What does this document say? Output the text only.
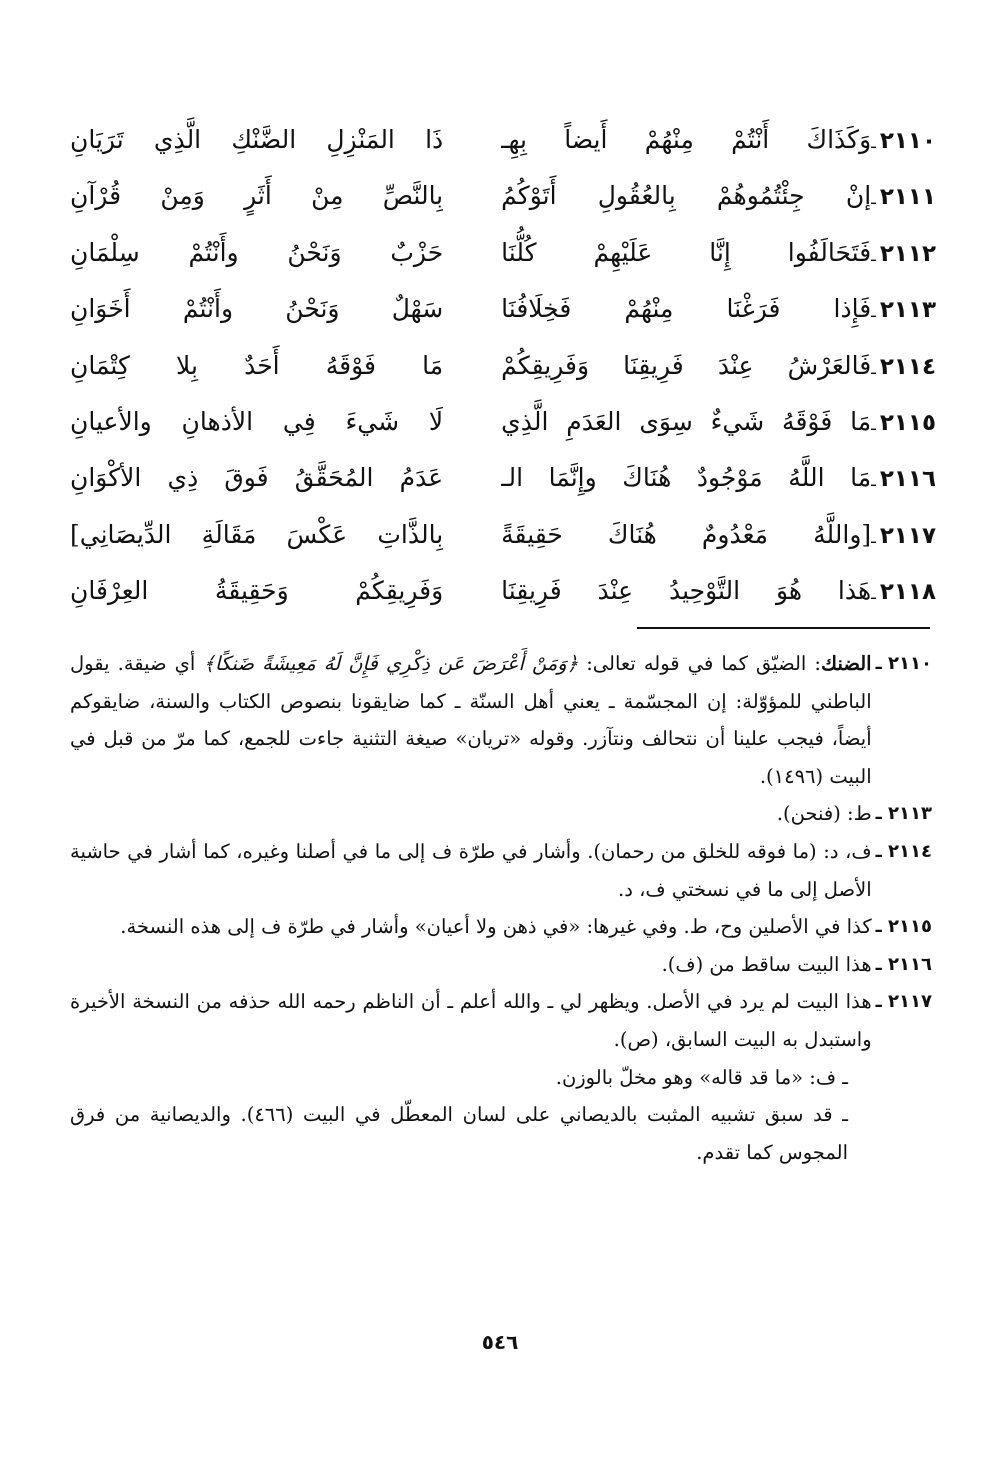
٢١١٠
ـ
وَكَذَاكَ أَنْتُمْ مِنْهُمْ أَيضاً بِهِـ
ذَا المَنْزِلِ الضَّنْكِ الَّذِي تَرَيَانِ
٢١١١
ـ
إنْ جِئْتُمُوهُمْ بِالعُقُولِ أَتَوْكُمُ
بِالنَّصِّ مِنْ أَثَرٍ وَمِنْ قُرْآنِ
٢١١٢
ـ
فَتَحَالَفُوا إِنَّا عَلَيْهِمْ كُلُّنَا
حَزْبٌ وَنَحْنُ وأَنْتُمْ سِلْمَانِ
٢١١٣
ـ
فَإِذا فَرَغْنَا مِنْهُمْ فَخِلَافُنَا
سَهْلٌ وَنَحْنُ وأَنْتُمْ أَخَوَانِ
٢١١٤
ـ
فَالعَرْشُ عِنْدَ فَرِيقِنَا وَفَرِيقِكُمْ
مَا فَوْقَهُ أَحَدٌ بِلا كِتْمَانِ
٢١١٥
ـ
مَا فَوْقَهُ شَيءٌ سِوَى العَدَمِ الَّذِي
لَا شَيءَ فِي الأذهانِ والأعيانِ
٢١١٦
ـ
مَا اللَّهُ مَوْجُودٌ هُنَاكَ وإِنَّمَا الـ
عَدَمُ المُحَقَّقُ فَوقَ ذِي الأكْوَانِ
٢١١٧
ـ
[واللَّهُ مَعْدُومٌ هُنَاكَ حَقِيقَةً
بِالذَّاتِ عَكْسَ مَقَالَةِ الدِّيصَانِي]
٢١١٨
ـ
هَذا هُوَ التَّوْحِيدُ عِنْدَ فَرِيقِنَا
وَفَرِيقِكُمْ وَحَقِيقَةُ العِرْفَانِ
٢١١٠ ـ
الضنك: الضيّق كما في قوله تعالى: ﴿وَمَنْ أَعْرَضَ عَن ذِكْرِي فَإِنَّ لَهُ مَعِيشَةً ضَنكًا﴾ أي ضيقة. يقول الباطني للمؤوّلة: إن المجسّمة ـ يعني أهل السنّة ـ كما ضايقونا بنصوص الكتاب والسنة، ضايقوكم أيضاً، فيجب علينا أن نتحالف ونتآزر. وقوله «تريان» صيغة التثنية جاءت للجمع، كما مرّ من قبل في البيت (١٤٩٦).
٢١١٣ ـ
ط: (فنحن).
٢١١٤ ـ
ف، د: (ما فوقه للخلق من رحمان). وأشار في طرّة ف إلى ما في أصلنا وغيره، كما أشار في حاشية الأصل إلى ما في نسختي ف، د.
٢١١٥ ـ
كذا في الأصلين وح، ط. وفي غيرها: «في ذهن ولا أعيان» وأشار في طرّة ف إلى هذه النسخة.
٢١١٦ ـ
هذا البيت ساقط من (ف).
٢١١٧ ـ
هذا البيت لم يرد في الأصل. ويظهر لي ـ والله أعلم ـ أن الناظم رحمه الله حذفه من النسخة الأخيرة واستبدل به البيت السابق، (ص).
ـ ف: «ما قد قاله» وهو مخلّ بالوزن.
ـ قد سبق تشبيه المثبت بالديصاني على لسان المعطّل في البيت (٤٦٦). والديصانية من فرق المجوس كما تقدم.
٥٤٦
